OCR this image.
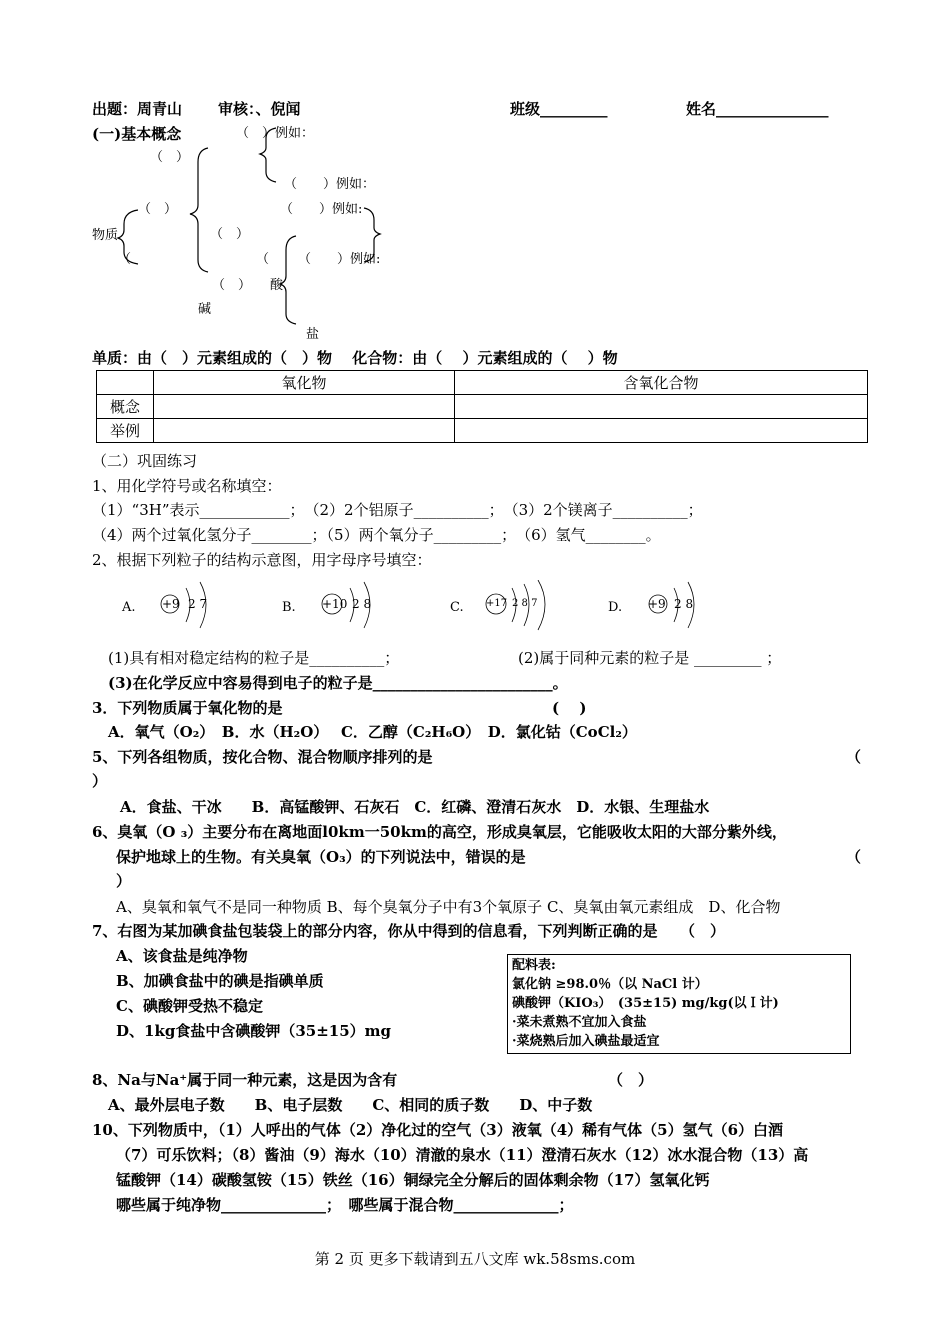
出题：周青山 审核：、倪闻	班级_________	姓名_______________
(一)基本概念
物质
（　）
（
（　）
（　）
（　）
（　）例如：
（　　）例如：
（　　）例如:
（ （　　）例如:
酸
碱
盐
单质：由（　）元素组成的（　）物　 化合物：由（　 ）元素组成的（　 ）物
	氧化物	含氧化合物
概念		
举例		
（二）巩固练习
1、用化学符号或名称填空：
（1）“3H”表示____________；　（2）2个铝原子__________；　（3）2个镁离子__________；
（4）两个过氧化氢分子________；（5）两个氧分子_________；　（6）氢气________。
2、根据下列粒子的结构示意图，用字母序号填空：
A. +9 2 7	B. +10 2 8	C. +17 2 8 7	D. +9 2 8
(1)具有相对稳定结构的粒子是__________；	(2)属于同种元素的粒子是 _________ ；
(3)在化学反应中容易得到电子的粒子是________________________。
3．下列物质属于氧化物的是	(　 )
A．氧气（O₂）　B．水（H₂O）　 C．乙醇（C₂H₆O）　D．氯化钴（CoCl₂）
5、下列各组物质，按化合物、混合物顺序排列的是	（
）
A．食盐、干冰　　B．高锰酸钾、石灰石　C．红磷、澄清石灰水　D．水银、生理盐水
6、臭氧（O ₃）主要分布在离地面l0km一50km的高空，形成臭氧层，它能吸收太阳的大部分紫外线，
保护地球上的生物。有关臭氧（O₃）的下列说法中，错误的是	（
）
A、臭氧和氧气不是同一种物质 B、每个臭氧分子中有3个氧原子 C、臭氧由氧元素组成　D、化合物
7、右图为某加碘食盐包装袋上的部分内容，你从中得到的信息看，下列判断正确的是　　（　）
A、该食盐是纯净物
B、加碘食盐中的碘是指碘单质
C、碘酸钾受热不稳定
D、1kg食盐中含碘酸钾（35±15）mg
配料表:
氯化钠 ≥98.0％（以 NaCl 计）
碘酸钾（KIO₃）　(35±15) mg/kg(以Ｉ计)
·菜未煮熟不宜加入食盐
·菜烧熟后加入碘盐最适宜
8、Na与Na⁺属于同一种元素，这是因为含有	（　）
A、最外层电子数　　B、电子层数　　C、相同的质子数　　D、中子数
10、下列物质中，（1）人呼出的气体（2）净化过的空气（3）液氧（4）稀有气体（5）氢气（6）白酒
（7）可乐饮料；（8）酱油（9）海水（10）清澈的泉水（11）澄清石灰水（12）冰水混合物（13）高
锰酸钾（14）碳酸氢铵（15）铁丝（16）铜绿完全分解后的固体剩余物（17）氢氧化钙
哪些属于纯净物______________；　哪些属于混合物______________；
第 2 页 更多下载请到五八文库 wk.58sms.com
